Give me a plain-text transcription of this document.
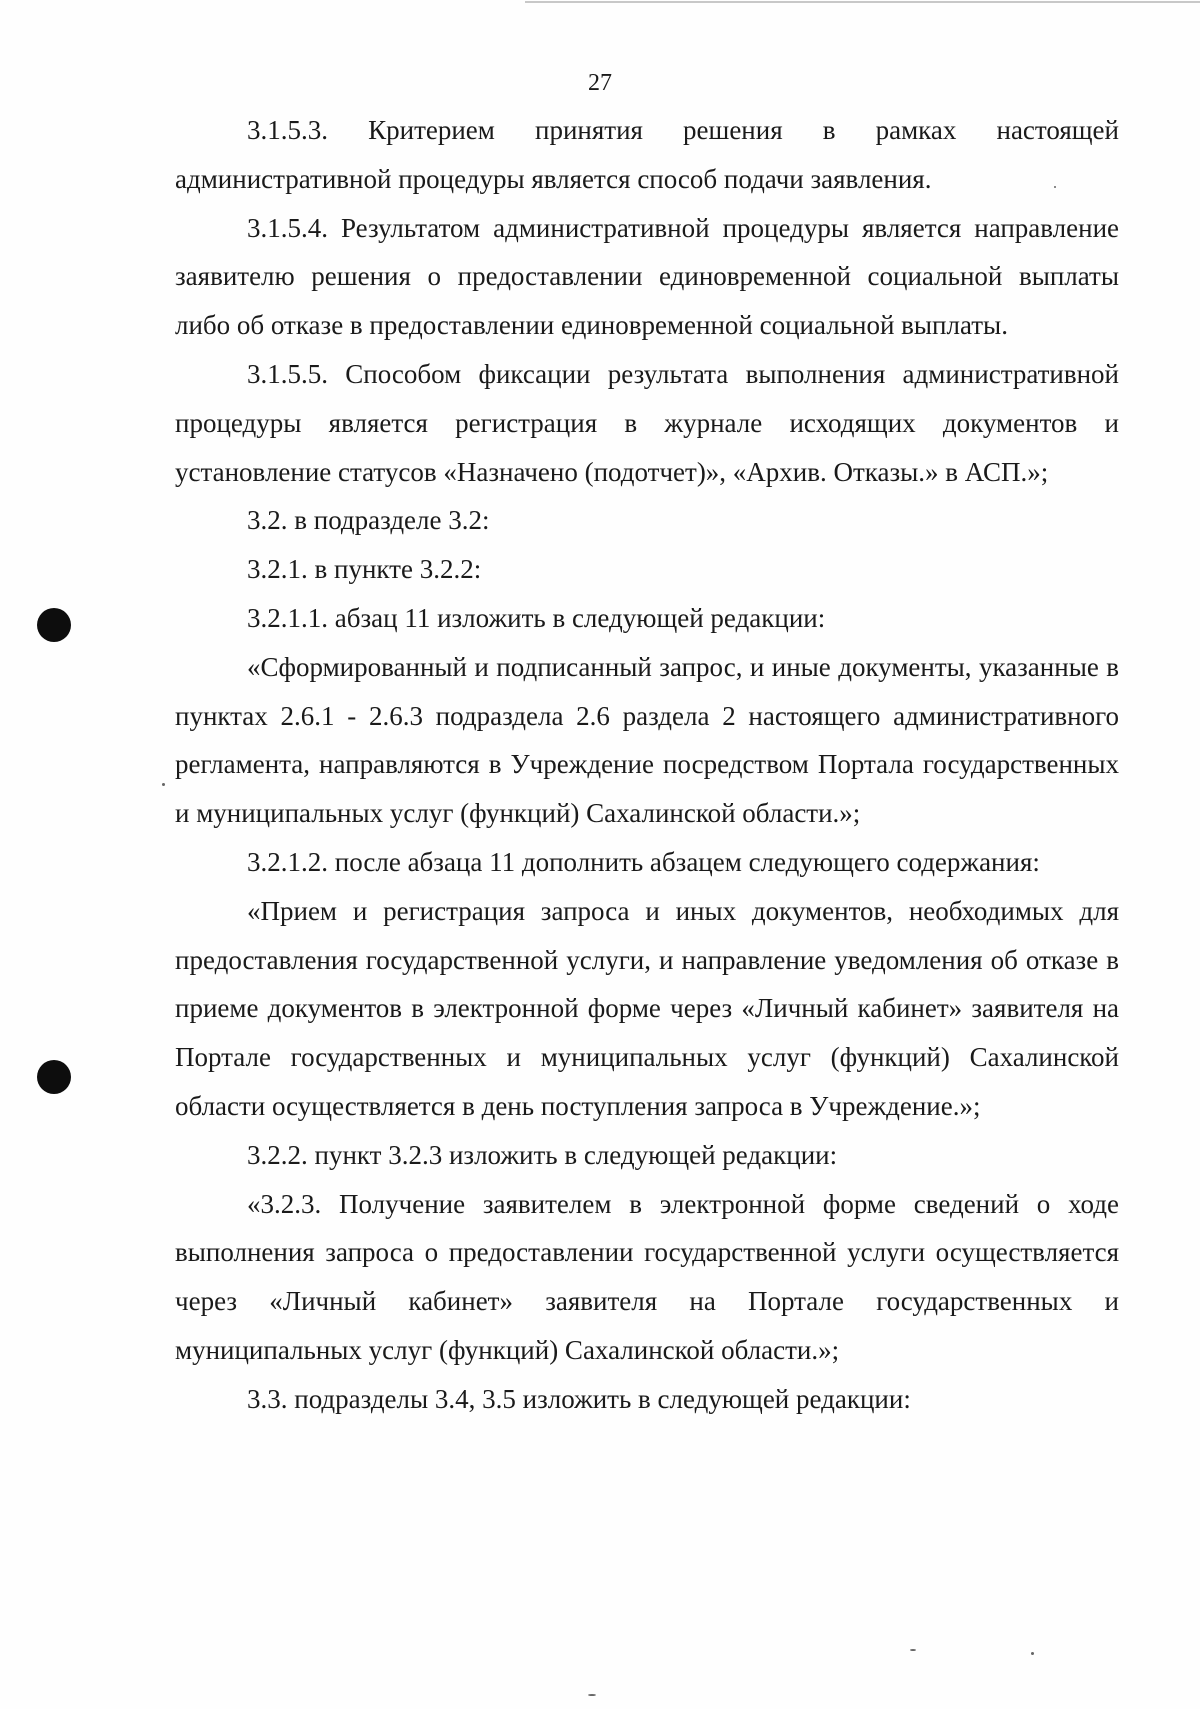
27

3.1.5.3. Критерием принятия решения в рамках настоящей административной процедуры является способ подачи заявления.

3.1.5.4. Результатом административной процедуры является направление заявителю решения о предоставлении единовременной социальной выплаты либо об отказе в предоставлении единовременной социальной выплаты.

3.1.5.5. Способом фиксации результата выполнения административной процедуры является регистрация в журнале исходящих документов и установление статусов «Назначено (подотчет)», «Архив. Отказы.» в АСП.»;

3.2. в подразделе 3.2:

3.2.1. в пункте 3.2.2:

3.2.1.1. абзац 11 изложить в следующей редакции:

«Сформированный и подписанный запрос, и иные документы, указанные в пунктах 2.6.1 - 2.6.3 подраздела 2.6 раздела 2 настоящего административного регламента, направляются в Учреждение посредством Портала государственных и муниципальных услуг (функций) Сахалинской области.»;

3.2.1.2. после абзаца 11 дополнить абзацем следующего содержания:

«Прием и регистрация запроса и иных документов, необходимых для предоставления государственной услуги, и направление уведомления об отказе в приеме документов в электронной форме через «Личный кабинет» заявителя на Портале государственных и муниципальных услуг (функций) Сахалинской области осуществляется в день поступления запроса в Учреждение.»;

3.2.2. пункт 3.2.3 изложить в следующей редакции:

«3.2.3. Получение заявителем в электронной форме сведений о ходе выполнения запроса о предоставлении государственной услуги осуществляется через «Личный кабинет» заявителя на Портале государственных и муниципальных услуг (функций) Сахалинской области.»;

3.3. подразделы 3.4, 3.5 изложить в следующей редакции:
